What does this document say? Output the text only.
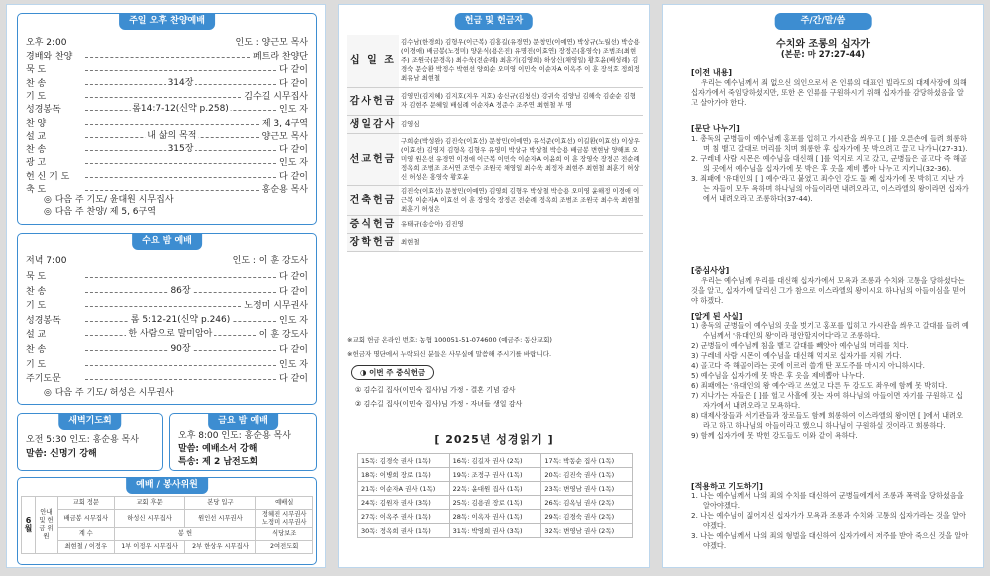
주일 오후 찬양예배
오후 2:00	인도 : 양근모 목사
경배와 찬양	페트라 찬양단
묵 도	다 같이
찬 송	314장	다 같이
기 도	김수길 시무집사
성경봉독	롬14:7-12(신약 p.258)	인도 자
찬 양	제 3, 4구역
설 교	내 삶의 목적	양근모 목사
찬 송	315장	다 같이
광 고	인도 자
헌 신 기 도	다 같이
축 도	홍순용 목사
◎ 다음 주 기도/ 윤대원 시무집사
◎ 다음 주 찬양/ 제 5, 6구역
수요 밤 예배
저녁 7:00	인도 : 이 훈 강도사
묵 도	다 같이
찬 송	86장	다 같이
기 도	노정미 시무권사
성경봉독	롬 5:12-21(신약 p.246)	인도 자
설 교	한 사람으로 말미암아	이 훈 강도사
찬 송	90장	다 같이
기 도	인도 자
주기도문	다 같이
◎ 다음 주 기도/ 허성은 시무권사
새벽기도회
오전 5:30 인도: 홍순용 목사
말씀: 신명기 강해
금요 밤 예배
오후 8:00 인도: 홍순용 목사
말씀: 예배소서 강해
특송: 제 2 남전도회
예배 / 봉사위원
6월	안내 및 헌금 위원	교회 정문	교회 후문	본당 입구	예배실
		배금봉 시무집사	하성신 시무집사	원인선 시무권사	정혜진 시무권사
노정미 시무권사
		계 수	봉 헌		식당보조
		최현철 / 이정우	1부 이정우 시무집사	2부 한상우 시무집사	2여전도회
헌금 및 헌금자
십 일 조	김수남(한경희) 김형우(이근복) 김홍길(유경연) 문창민(이예연) 박상규(노월선) 박승용(이경애) 배금봉(노정미) 양운식(용은진) 유명진(이효연) 장정곤(홍영숙) 조범조(최현주) 조원국(문경옥) 최수욱(전순례) 최훈기(김영희) 하상신(채영일) 황호윤(배성례) 김경숙 문승환 박정수 박현선 양희순 오미영 이민숙 이순자A 이옥주 이 훈 장석호 정희정 최유남 최현철
감사헌금	김영민(김지혜) 김지호(지우 지호) 송신규(김청신) 강귀숙 김양님 김해숙 김순순 김형자 김현주 문혜일 배심례 이순자A 정준수 조주연 최현철 부 명
생일감사	김영심
선교헌금	구희순(박성완) 김진숙(이효선) 문창민(이예연) 유석준(이효선) 이길환(이효선) 이상우(이효선) 김영지 김형옥 김형우 유영미 박상규 박상철 박승용 배금봉 변현남 양해표 오미영 원은선 유경연 이경애 이근복 이민숙 이순자A 이윤희 이 훈 장영숙 장정곤 전순례 정옥희 조범조 조서연 조연수 조원국 채영일 최수욱 최정자 최현주 최현철 최훈기 허상신 허성은 홍영숙 황호윤
건축헌금	김진숙(이효선) 문창민(이예연) 김영희 김형우 박상철 박승용 오미영 윤해정 이경애 이근복 이순자A 이효선 이 훈 장영숙 장정곤 전순례 정옥희 조범조 조원국 최수욱 최현철 최훈기 허성은
증식헌금	유태규(송승아) 김진영
장학헌금	최현철
※교회 헌금 온라인 번호: 농협 100051-51-074600 (예금주: 동산교회)
※헌금자 명단에서 누락되신 분들은 사무실에 말씀해 주시기를 바랍니다.
◑ 이번 주 중식헌금
① 김수길 집사(이민숙 집사)님 가정 - 결혼 기념 감사
② 김수길 집사(이민숙 집사)님 가정 - 자녀들 생일 감사
[ 2025년 성경읽기 ]
15독: 김경숙 권사 (1독)	16독: 김길자 권사 (2독)	17독: 박동순 집사 (1독)
18독: 이병희 장로 (1독)	19독: 조정구 권사 (1독)	20독: 김진숙 권사 (1독)
21독: 이순자A 권사 (1독)	22독: 윤대원 집사 (1독)	23독: 변영남 권사 (1독)
24독: 김원자 권사 (3독)	25독: 김용권 장로 (1독)	26독: 김옥님 권사 (2독)
27독: 이옥주 권사 (1독)	28독: 이옥자 권사 (1독)	29독: 김경숙 권사 (2독)
30독: 정옥희 권사 (1독)	31독: 박영희 권사 (3독)	32독: 변영남 권사 (2독)
주/간/말/씀
수치와 조롱의 십자가
(본문: 마 27:27-44)
[이전 내용]
우리는 예수님께서 죄 없으신 의인으로서 온 인류의 대표인 빌라도의 대제사장에 의해 십자가에서 죽임당하셨지만, 또한 온 인류를 구원하시기 위해 십자가를 감당하셨음을 알고 살아가야 한다.
[문단 나누기]
1. 총독의 군병들이 예수님께 홍포를 입히고 가시관을 씌우고 [ ]를 오른손에 들려 희롱하며 침 뱉고 갈대로 머리를 치며 희롱한 후 십자가에 못 박으려고 끌고 나가니(27-31).
2. 구레네 사람 시몬은 예수님을 대신해 [ ]를 억지로 지고 갔고, 군병들은 골고다 즉 해골의 곳에서 예수님을 십자가에 못 박은 후 옷을 제비 뽑아 나누고 지키니(32-36).
3. 죄패에 '유대인의 [ ] 예수'라고 붙였고 죄수인 강도 둘 째 십자가에 못 박히고 지난 가는 자들이 모두 욕하며 하나님의 아들이라면 내려오라고, 이스라엘의 왕이라면 십자가에서 내려오라고 조롱하다(37-44).
[중심사상]
우리는 예수님께 우리를 대신해 십자가에서 모욕과 조롱과 수치와 고통을 당하셨다는 것을 알고, 십자가에 달리신 그가 참으로 이스라엘의 왕이시요 하나님의 아들이심을 믿어야 하겠다.
[알게 된 사실]
1) 총독의 군병들이 예수님의 옷을 벗기고 홍포를 입히고 가시관을 씌우고 갈대를 들려 예수님께서 '유대인의 왕'이라 평안할지어다'라고 조롱하다.
2) 군병들이 예수님께 침을 뱉고 갈대를 빼앗아 예수님의 머리를 치다.
3) 구레네 사람 시몬이 예수님을 대신해 억지로 십자가를 지워 가다.
4) 골고다 즉 해골이라는 곳에 이르러 쓸개 탄 포도주를 마시지 아니하시다.
5) 예수님을 십자가에 못 박은 후 옷을 제비뽑아 나누다.
6) 죄패에는 '유대인의 왕 예수'라고 쓰였고 다른 두 강도도 좌우에 함께 못 박히다.
7) 지나가는 자들은 [ ]를 헐고 사흘에 짓는 자여 하나님의 아들이면 자기를 구원하고 십자가에서 내려오라고 모욕하다.
8) 대제사장들과 서기관들과 장로들도 함께 희롱하여 이스라엘의 왕이면 [ ]에서 내려오라고 하고 하나님의 아들이라고 했으니 하나님이 구원하실 것이라고 희롱하다.
9) 함께 십자가에 못 박힌 강도들도 이와 같이 욕하다.
[적용하고 기도하기]
1. 나는 예수님께서 나의 죄의 수치를 대신하여 군병들에게서 조롱과 폭력을 당하셨음을 알아야겠다.
2. 나는 예수님이 짊어지신 십자가가 모욕과 조롱과 수치와 고통의 십자가라는 것을 알아야겠다.
3. 나는 예수님께서 나의 죄의 형벌을 대신하여 십자가에서 저주를 받아 죽으신 것을 알아야겠다.
